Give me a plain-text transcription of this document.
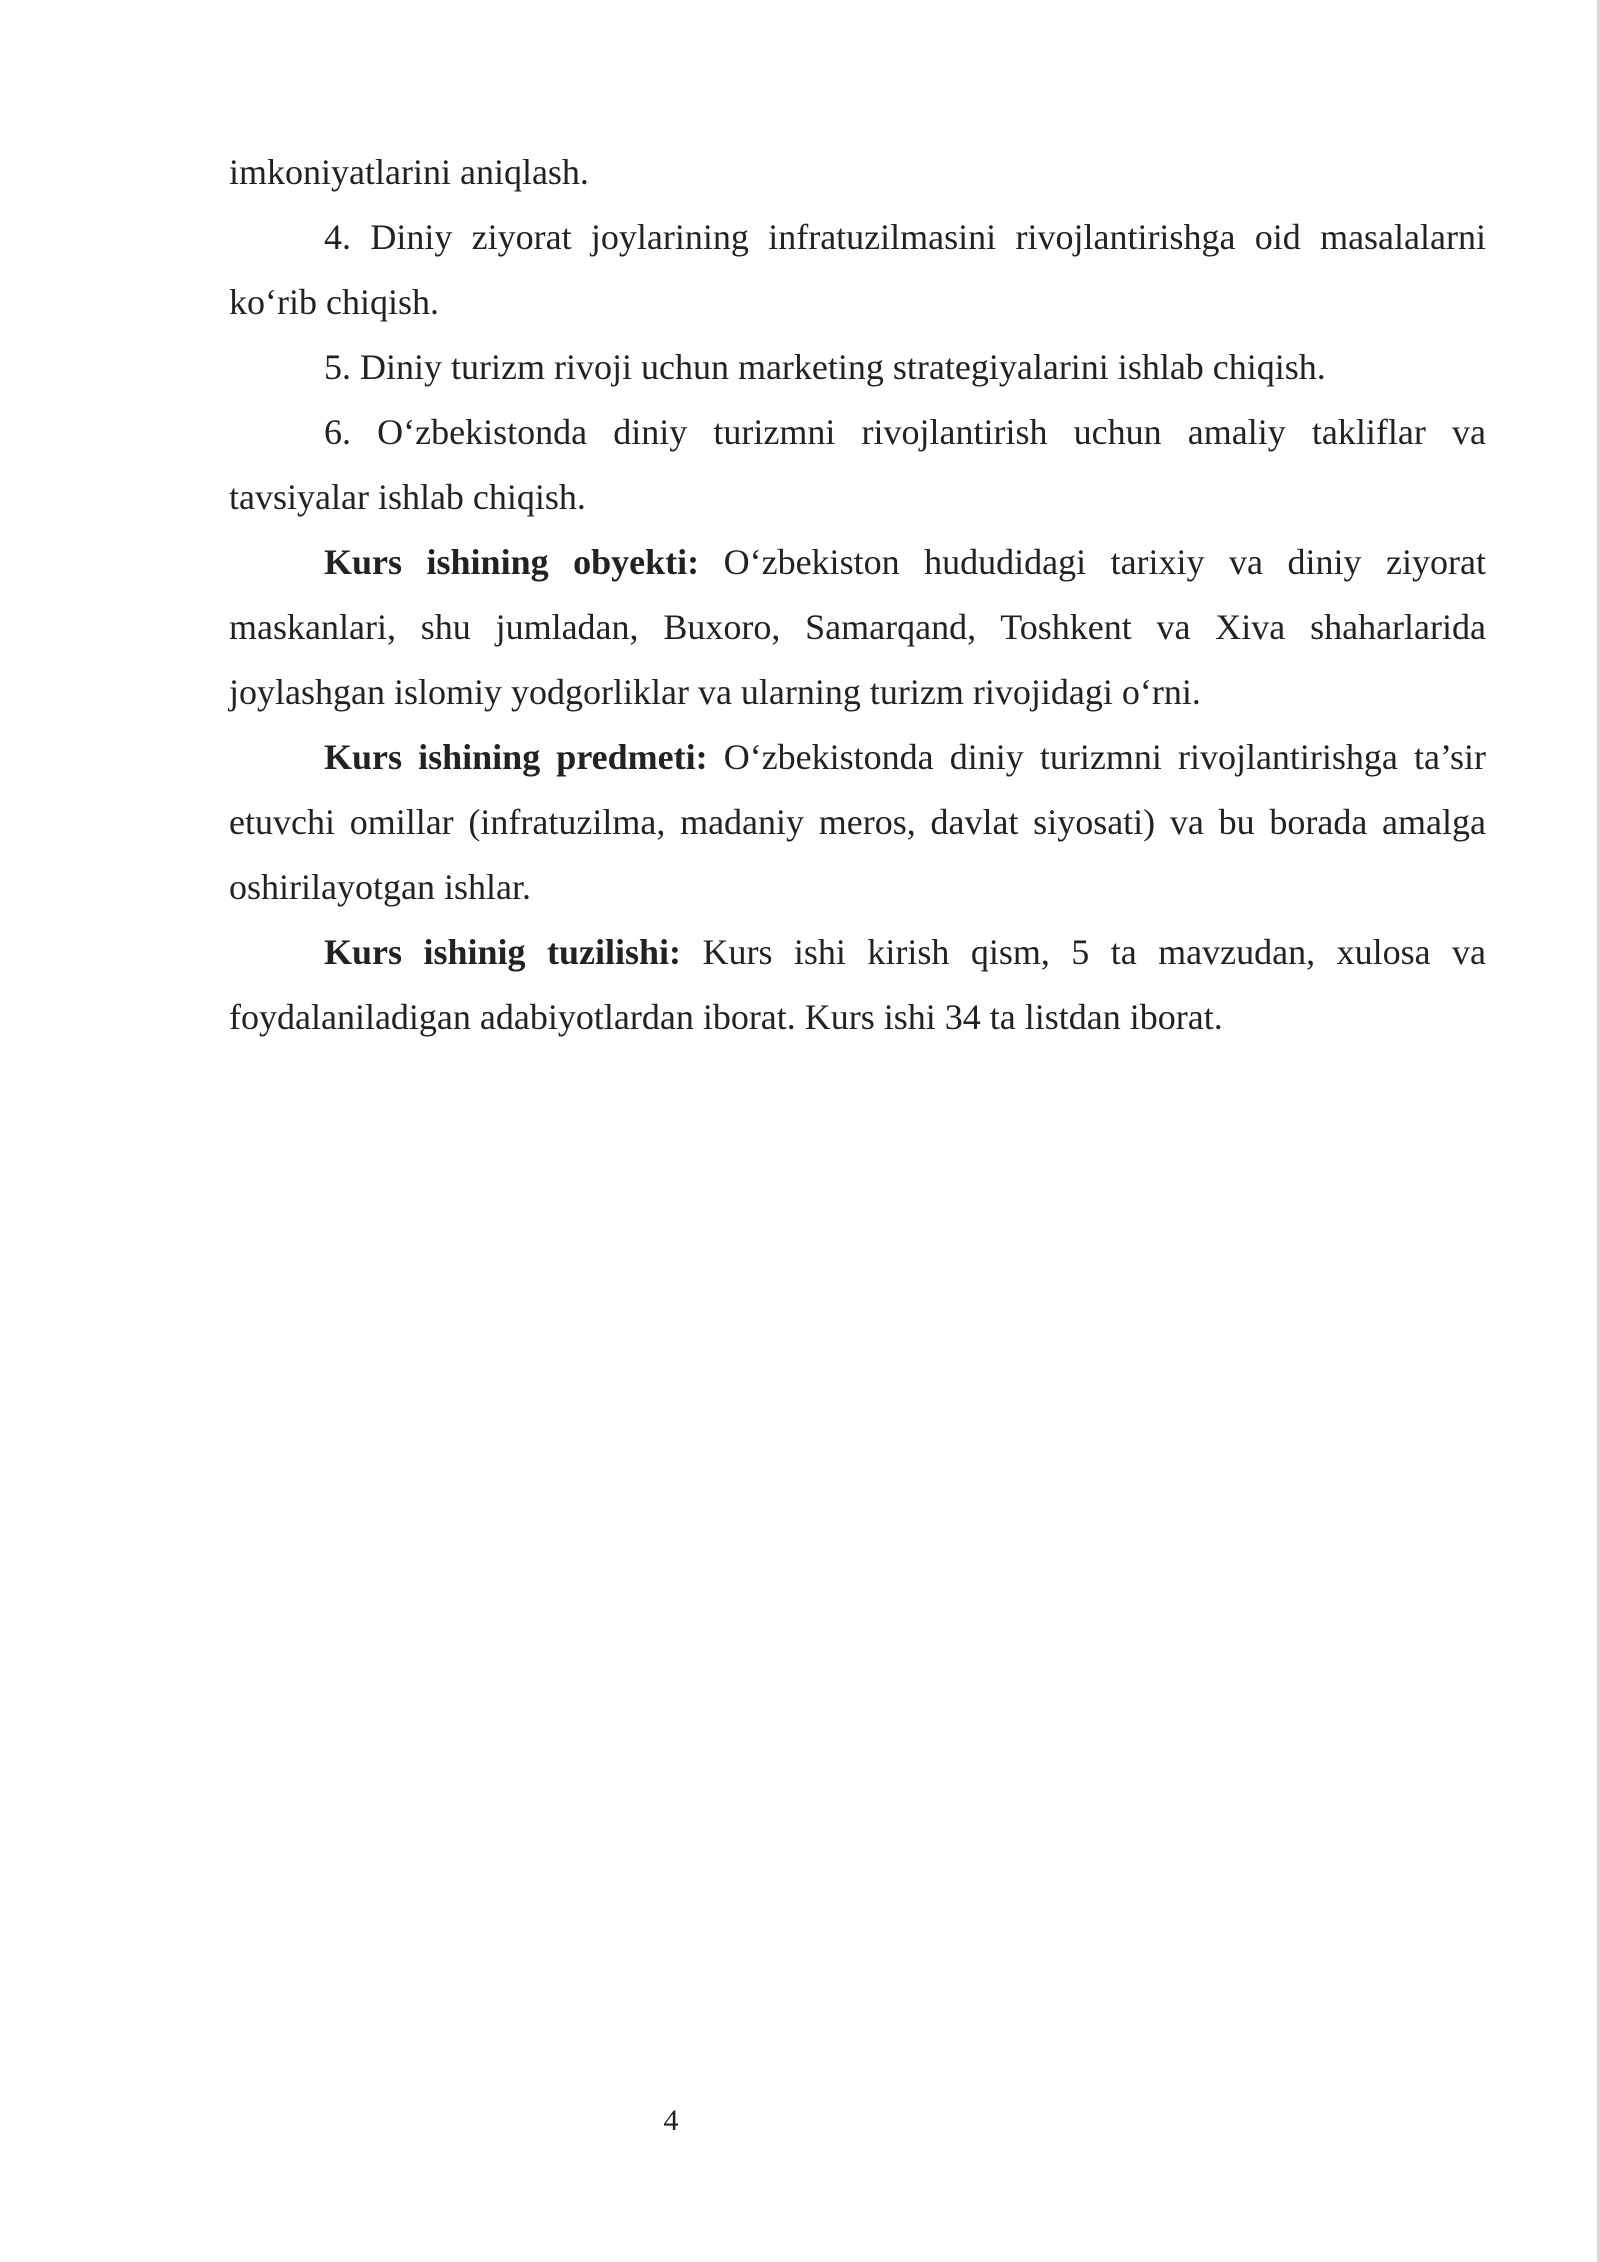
imkoniyatlarini aniqlash.

4. Diniy ziyorat joylarining infratuzilmasini rivojlantirishga oid masalalarni ko‘rib chiqish.

5. Diniy turizm rivoji uchun marketing strategiyalarini ishlab chiqish.

6. O‘zbekistonda diniy turizmni rivojlantirish uchun amaliy takliflar va tavsiyalar ishlab chiqish.

Kurs ishining obyekti: O‘zbekiston hududidagi tarixiy va diniy ziyorat maskanlari, shu jumladan, Buxoro, Samarqand, Toshkent va Xiva shaharlarida joylashgan islomiy yodgorliklar va ularning turizm rivojidagi o‘rni.

Kurs ishining predmeti: O‘zbekistonda diniy turizmni rivojlantirishga ta’sir etuvchi omillar (infratuzilma, madaniy meros, davlat siyosati) va bu borada amalga oshirilayotgan ishlar.

Kurs ishinig tuzilishi: Kurs ishi kirish qism, 5 ta mavzudan, xulosa va foydalaniladigan adabiyotlardan iborat. Kurs ishi 34 ta listdan iborat.

4
